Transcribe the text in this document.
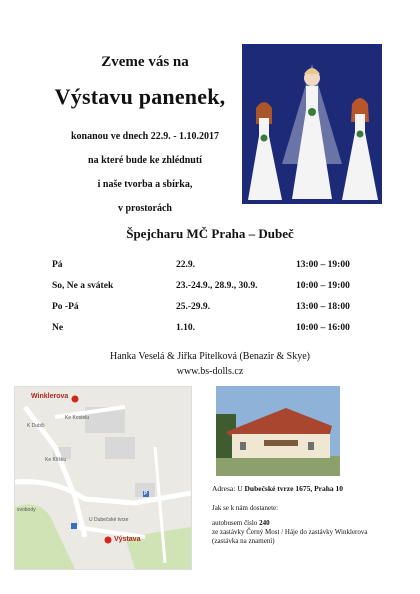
Zveme vás na
Výstavu panenek,
konanou ve dnech 22.9. - 1.10.2017
na které bude ke zhlédnutí
i naše tvorba a sbírka,
v prostorách
Špejcharu MČ Praha – Dubeč
Pá	22.9.	13:00 – 19:00
So, Ne a svátek	23.-24.9., 28.9., 30.9.	10:00 – 19:00
Po -Pá	25.-29.9.	13:00 – 18:00
Ne	1.10.	10:00 – 16:00
Hanka Veselá & Jiřka Pitelková (Benazir & Skye)
www.bs-dolls.cz
Winklerova
Výstava
svobody
Ke Kostelu
K Dubči
Ke Klíšku
U Dubečské tvrze
P
Adresa: U Dubečské tvrze 1675, Praha 10
Jak se k nám dostanete:
autobusem číslo 240
ze zastávky Černý Most / Háje do zastávky Winklerova (zastávka na znamení)
